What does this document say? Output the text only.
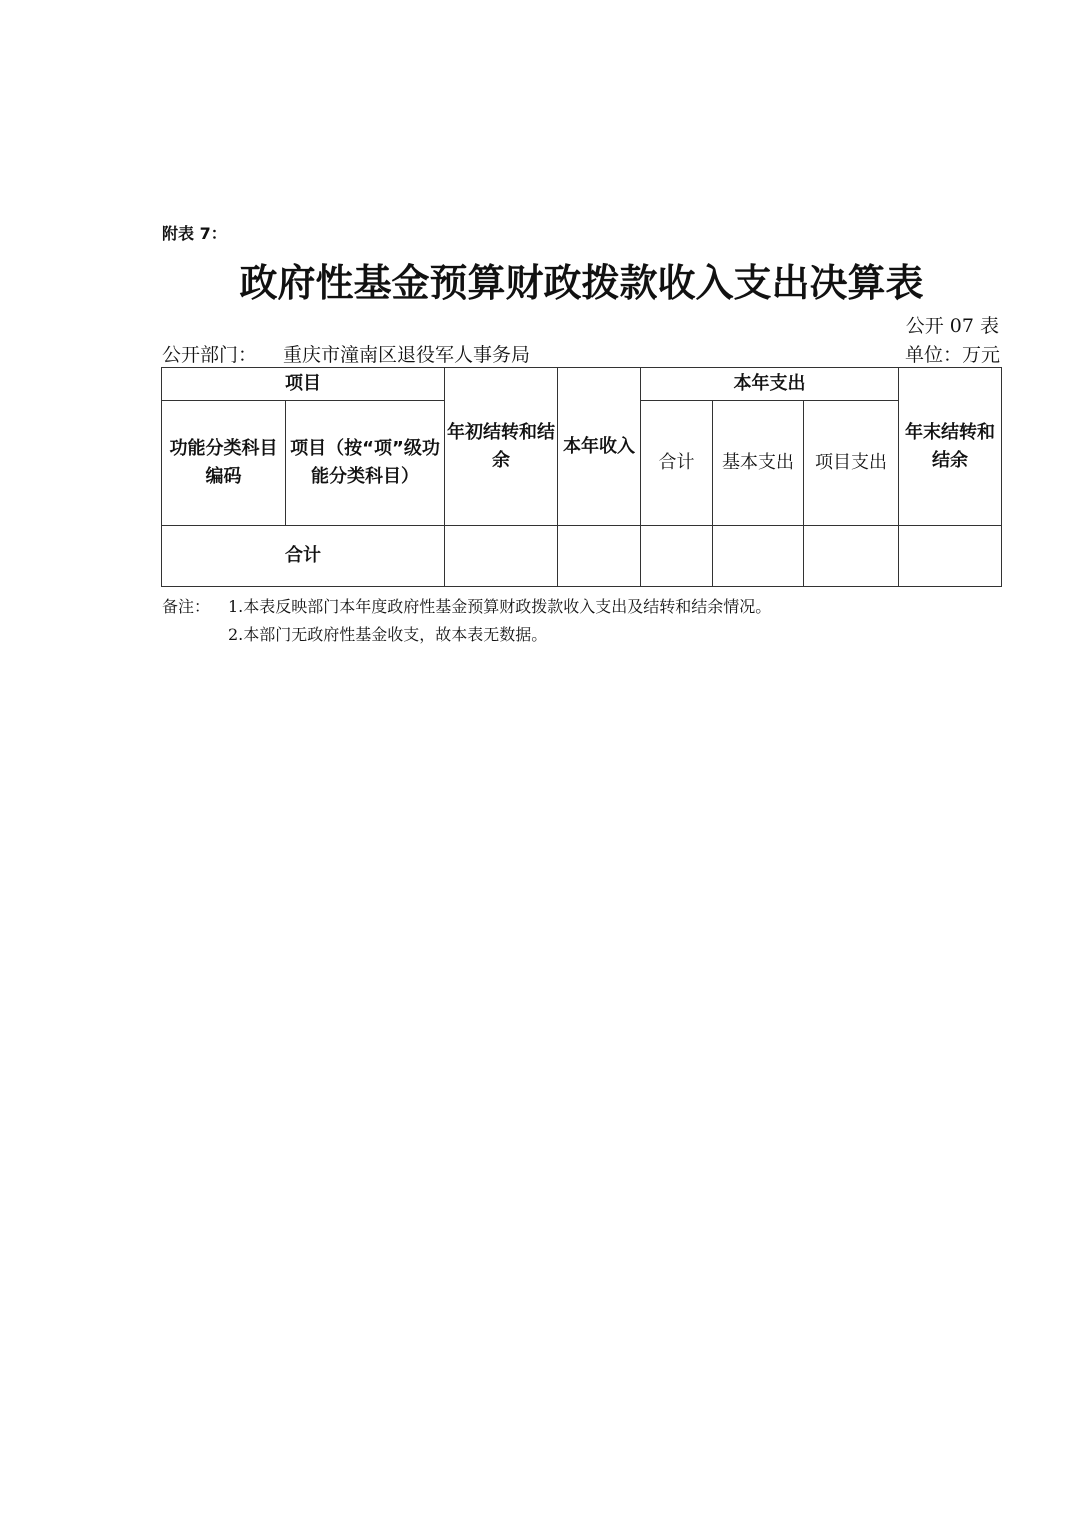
附表 7：
政府性基金预算财政拨款收入支出决算表
公开 07 表
公开部门： 重庆市潼南区退役军人事务局	单位：万元
项目		年初结转和结余	本年收入	本年支出			年末结转和结余
功能分类科目编码	项目（按“项”级功能分类科目）			合计	基本支出	项目支出	
合计							
备注： 1.本表反映部门本年度政府性基金预算财政拨款收入支出及结转和结余情况。
2.本部门无政府性基金收支，故本表无数据。
